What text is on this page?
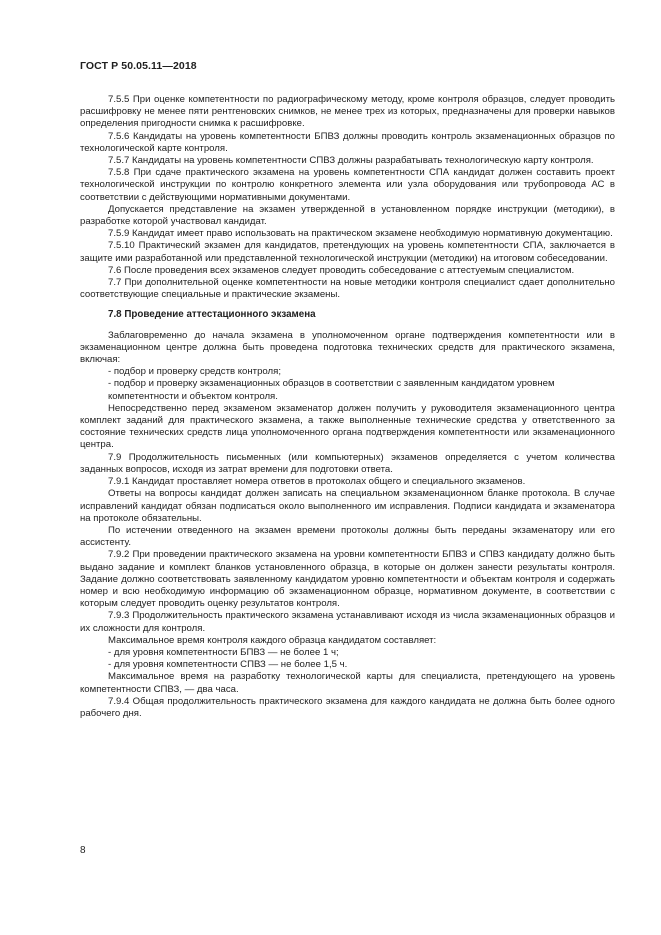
ГОСТ Р 50.05.11—2018

7.5.5 При оценке компетентности по радиографическому методу, кроме контроля образцов, следует проводить расшифровку не менее пяти рентгеновских снимков, не менее трех из которых, предназначены для проверки навыков определения пригодности снимка к расшифровке.

7.5.6 Кандидаты на уровень компетентности БПВЗ должны проводить контроль экзаменационных образцов по технологической карте контроля.

7.5.7 Кандидаты на уровень компетентности СПВЗ должны разрабатывать технологическую карту контроля.

7.5.8 При сдаче практического экзамена на уровень компетентности СПА кандидат должен составить проект технологической инструкции по контролю конкретного элемента или узла оборудования или трубопровода АС в соответствии с действующими нормативными документами.

Допускается представление на экзамен утвержденной в установленном порядке инструкции (методики), в разработке которой участвовал кандидат.

7.5.9 Кандидат имеет право использовать на практическом экзамене необходимую нормативную документацию.

7.5.10 Практический экзамен для кандидатов, претендующих на уровень компетентности СПА, заключается в защите ими разработанной или представленной технологической инструкции (методики) на итоговом собеседовании.

7.6 После проведения всех экзаменов следует проводить собеседование с аттестуемым специалистом.

7.7 При дополнительной оценке компетентности на новые методики контроля специалист сдает дополнительно соответствующие специальные и практические экзамены.

7.8 Проведение аттестационного экзамена

Заблаговременно до начала экзамена в уполномоченном органе подтверждения компетентности или в экзаменационном центре должна быть проведена подготовка технических средств для практического экзамена, включая:

- подбор и проверку средств контроля;

- подбор и проверку экзаменационных образцов в соответствии с заявленным кандидатом уровнем компетентности и объектом контроля.

Непосредственно перед экзаменом экзаменатор должен получить у руководителя экзаменационного центра комплект заданий для практического экзамена, а также выполненные технические средства у ответственного за состояние технических средств лица уполномоченного органа подтверждения компетентности или экзаменационного центра.

7.9 Продолжительность письменных (или компьютерных) экзаменов определяется с учетом количества заданных вопросов, исходя из затрат времени для подготовки ответа.

7.9.1 Кандидат проставляет номера ответов в протоколах общего и специального экзаменов.

Ответы на вопросы кандидат должен записать на специальном экзаменационном бланке протокола. В случае исправлений кандидат обязан подписаться около выполненного им исправления. Подписи кандидата и экзаменатора на протоколе обязательны.

По истечении отведенного на экзамен времени протоколы должны быть переданы экзаменатору или его ассистенту.

7.9.2 При проведении практического экзамена на уровни компетентности БПВЗ и СПВЗ кандидату должно быть выдано задание и комплект бланков установленного образца, в которые он должен занести результаты контроля. Задание должно соответствовать заявленному кандидатом уровню компетентности и объектам контроля и содержать номер и всю необходимую информацию об экзаменационном образце, нормативном документе, в соответствии с которым следует проводить оценку результатов контроля.

7.9.3 Продолжительность практического экзамена устанавливают исходя из числа экзаменационных образцов и их сложности для контроля.

Максимальное время контроля каждого образца кандидатом составляет:

- для уровня компетентности БПВЗ — не более 1 ч;

- для уровня компетентности СПВЗ — не более 1,5 ч.

Максимальное время на разработку технологической карты для специалиста, претендующего на уровень компетентности СПВЗ, — два часа.

7.9.4 Общая продолжительность практического экзамена для каждого кандидата не должна быть более одного рабочего дня.

8
